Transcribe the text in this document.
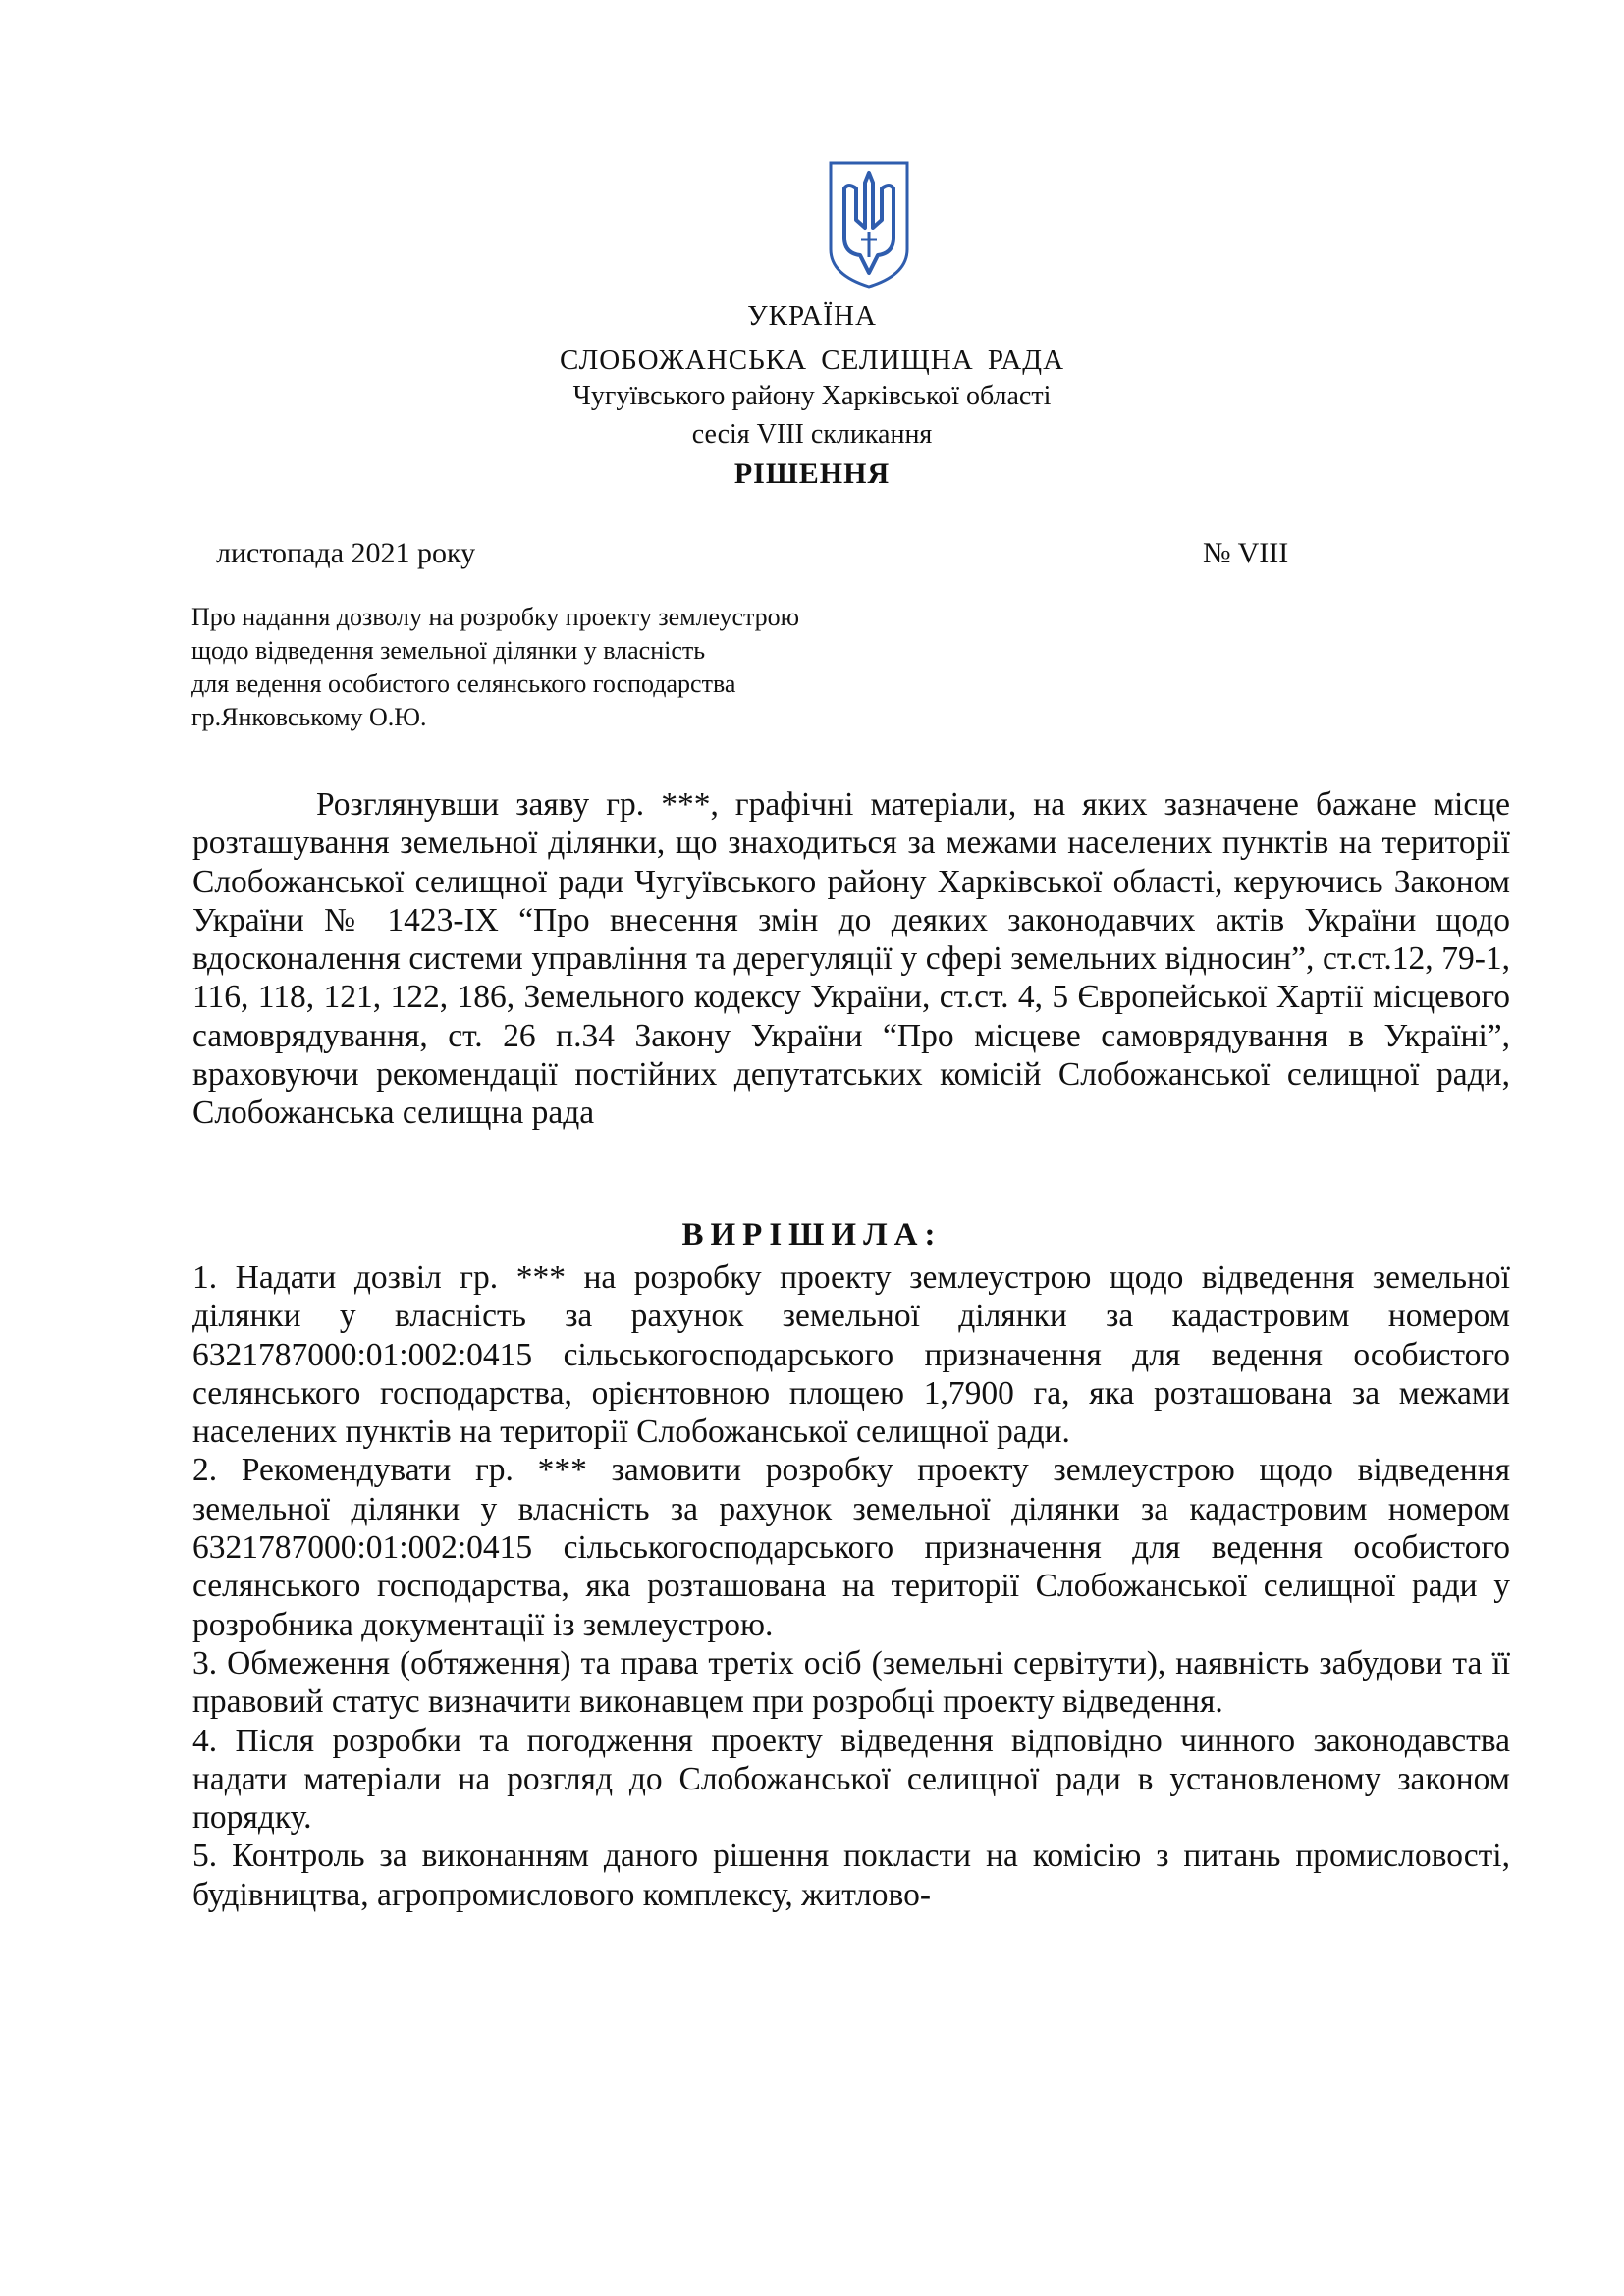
УКРАЇНА
СЛОБОЖАНСЬКА СЕЛИЩНА РАДА
Чугуївського району Харківської області
сесія VIII скликання
РІШЕННЯ
листопада 2021 року	№ VIII
Про надання дозволу на розробку проекту землеустрою
щодо відведення земельної ділянки у власність
для ведення особистого селянського господарства
гр.Янковському О.Ю.
Розглянувши заяву гр. ***, графічні матеріали, на яких зазначене бажане місце розташування земельної ділянки, що знаходиться за межами населених пунктів на території Слобожанської селищної ради Чугуївського району Харківської області, керуючись Законом України № 1423-IX “Про внесення змін до деяких законодавчих актів України щодо вдосконалення системи управління та дерегуляції у сфері земельних відносин”, ст.ст.12, 79-1, 116, 118, 121, 122, 186, Земельного кодексу України, ст.ст. 4, 5 Європейської Хартії місцевого самоврядування, ст. 26 п.34 Закону України “Про місцеве самоврядування в Україні”, враховуючи рекомендації постійних депутатських комісій Слобожанської селищної ради, Слобожанська селищна рада
ВИРІШИЛА:

1. Надати дозвіл гр. *** на розробку проекту землеустрою щодо відведення земельної ділянки у власність за рахунок земельної ділянки за кадастровим номером 6321787000:01:002:0415 сільськогосподарського призначення для ведення особистого селянського господарства, орієнтовною площею 1,7900 га, яка розташована за межами населених пунктів на території Слобожанської селищної ради.

2. Рекомендувати гр. *** замовити розробку проекту землеустрою щодо відведення земельної ділянки у власність за рахунок земельної ділянки за кадастровим номером 6321787000:01:002:0415 сільськогосподарського призначення для ведення особистого селянського господарства, яка розташована на території Слобожанської селищної ради у розробника документації із землеустрою.

3. Обмеження (обтяження) та права третіх осіб (земельні сервітути), наявність забудови та її правовий статус визначити виконавцем при розробці проекту відведення.

4. Після розробки та погодження проекту відведення відповідно чинного законодавства надати матеріали на розгляд до Слобожанської селищної ради в установленому законом порядку.

5. Контроль за виконанням даного рішення покласти на комісію з питань промисловості, будівництва, агропромислового комплексу, житлово-
